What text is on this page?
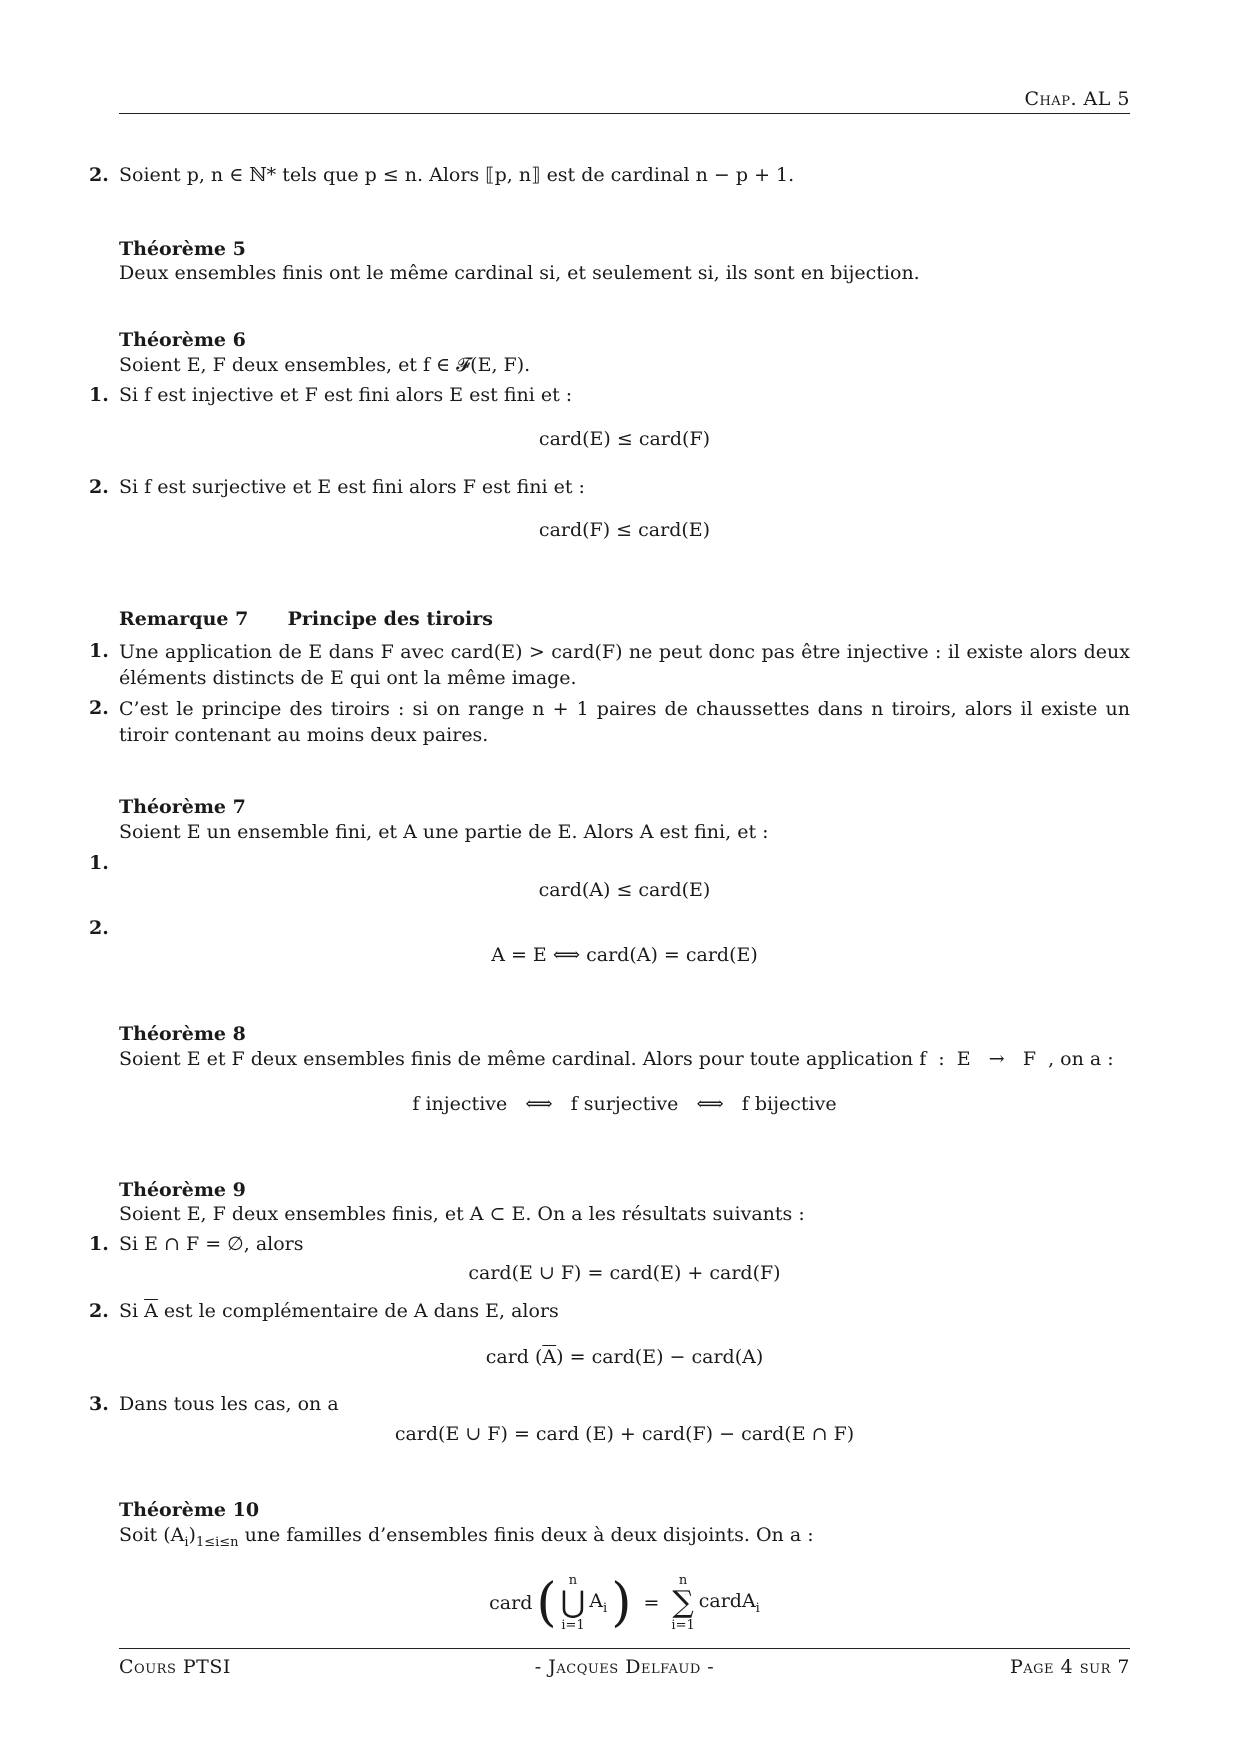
Chap. AL 5
2. Soient p, n ∈ ℕ* tels que p ≤ n. Alors ⟦p, n⟧ est de cardinal n − p + 1.
Théorème 5
Deux ensembles finis ont le même cardinal si, et seulement si, ils sont en bijection.
Théorème 6
Soient E, F deux ensembles, et f ∈ 𝓕(E, F).
1. Si f est injective et F est fini alors E est fini et :
card(E) ≤ card(F)
2. Si f est surjective et E est fini alors F est fini et :
card(F) ≤ card(E)
Remarque 7 Principe des tiroirs
1. Une application de E dans F avec card(E) > card(F) ne peut donc pas être injective : il existe alors deux éléments distincts de E qui ont la même image.
2. C’est le principe des tiroirs : si on range n + 1 paires de chaussettes dans n tiroirs, alors il existe un tiroir contenant au moins deux paires.
Théorème 7
Soient E un ensemble fini, et A une partie de E. Alors A est fini, et :
1.
card(A) ≤ card(E)
2.
A = E ⟺ card(A) = card(E)
Théorème 8
Soient E et F deux ensembles finis de même cardinal. Alors pour toute application f  :  E   →   F  , on a :
f injective   ⟺   f surjective   ⟺   f bijective
Théorème 9
Soient E, F deux ensembles finis, et A ⊂ E. On a les résultats suivants :
1. Si E ∩ F = ∅, alors
card(E ∪ F) = card(E) + card(F)
2. Si $\overline{A}$ est le complémentaire de A dans E, alors
card $(\overline{A})$ = card(E) − card(A)
3. Dans tous les cas, on a
card(E ∪ F) = card (E) + card(F) − card(E ∩ F)
Théorème 10
Soit $(A_i)_{1\le i\le n}$ une familles d’ensembles finis deux à deux disjoints. On a :
card ( n
⋃
i=1
$A_i$ ) =
n
∑
i=1
cardA$_i$
Cours PTSI	- Jacques Delfaud -	Page 4 sur 7
